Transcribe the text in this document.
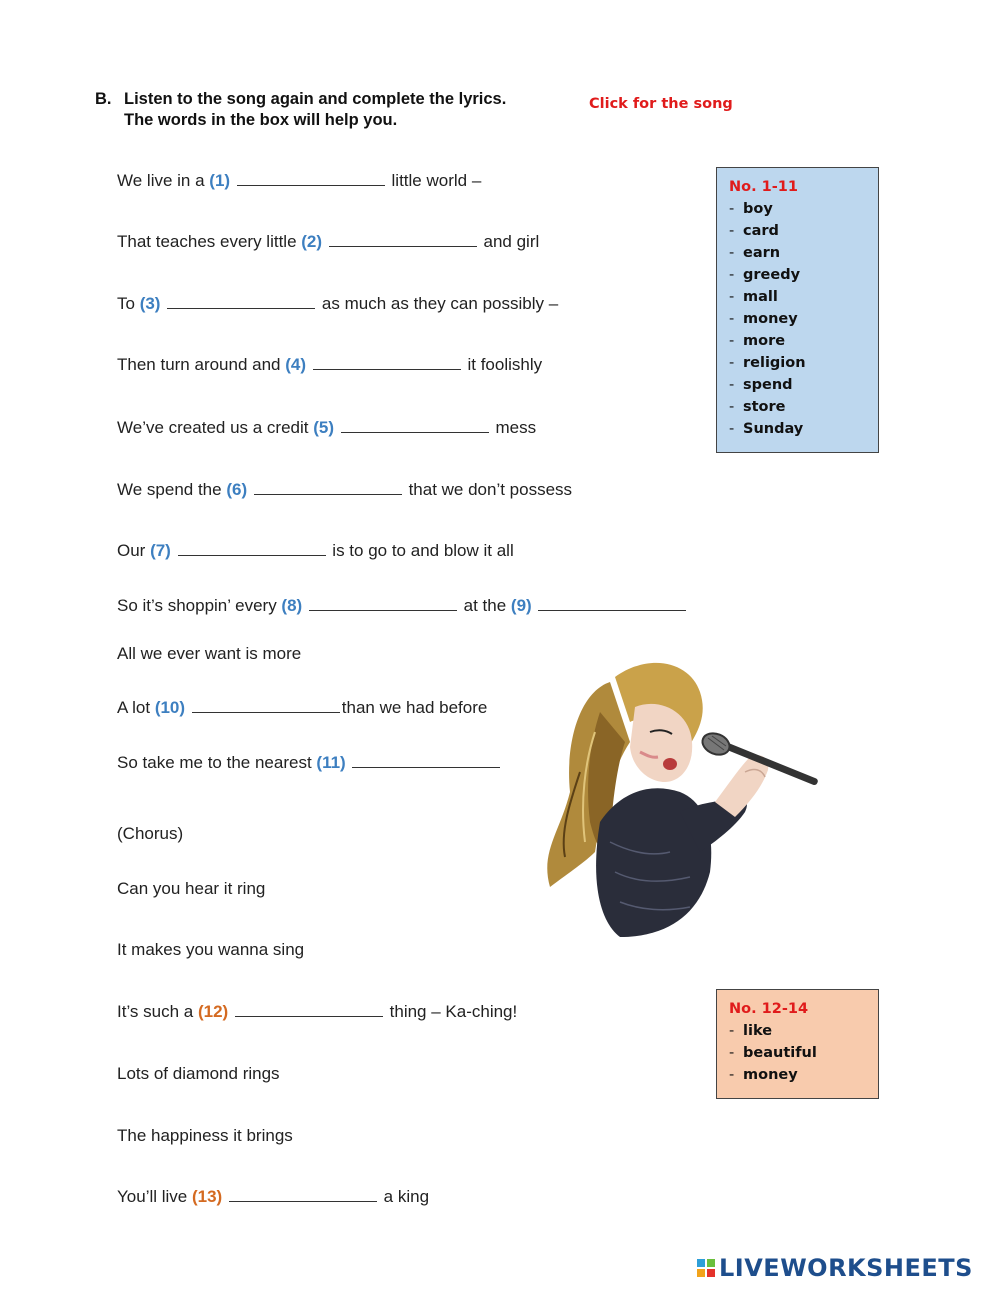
B. Listen to the song again and complete the lyrics.
The words in the box will help you.
Click for the song
We live in a (1)	little world –
That teaches every little (2)	and girl
To (3)	as much as they can possibly –
Then turn around and (4)	it foolishly
We’ve created us a credit (5)	mess
We spend the (6)	that we don’t possess
Our (7)	is to go to and blow it all
So it’s shoppin’ every (8)	at the (9)
All we ever want is more
A lot (10)	than we had before
So take me to the nearest (11)
(Chorus)
Can you hear it ring
It makes you wanna sing
It’s such a (12)	thing – Ka-ching!
Lots of diamond rings
The happiness it brings
You’ll live (13)	a king
No. 1-11
- boy
- card
- earn
- greedy
- mall
- money
- more
- religion
- spend
- store
- Sunday
No. 12-14
- like
- beautiful
- money
LIVEWORKSHEETS
